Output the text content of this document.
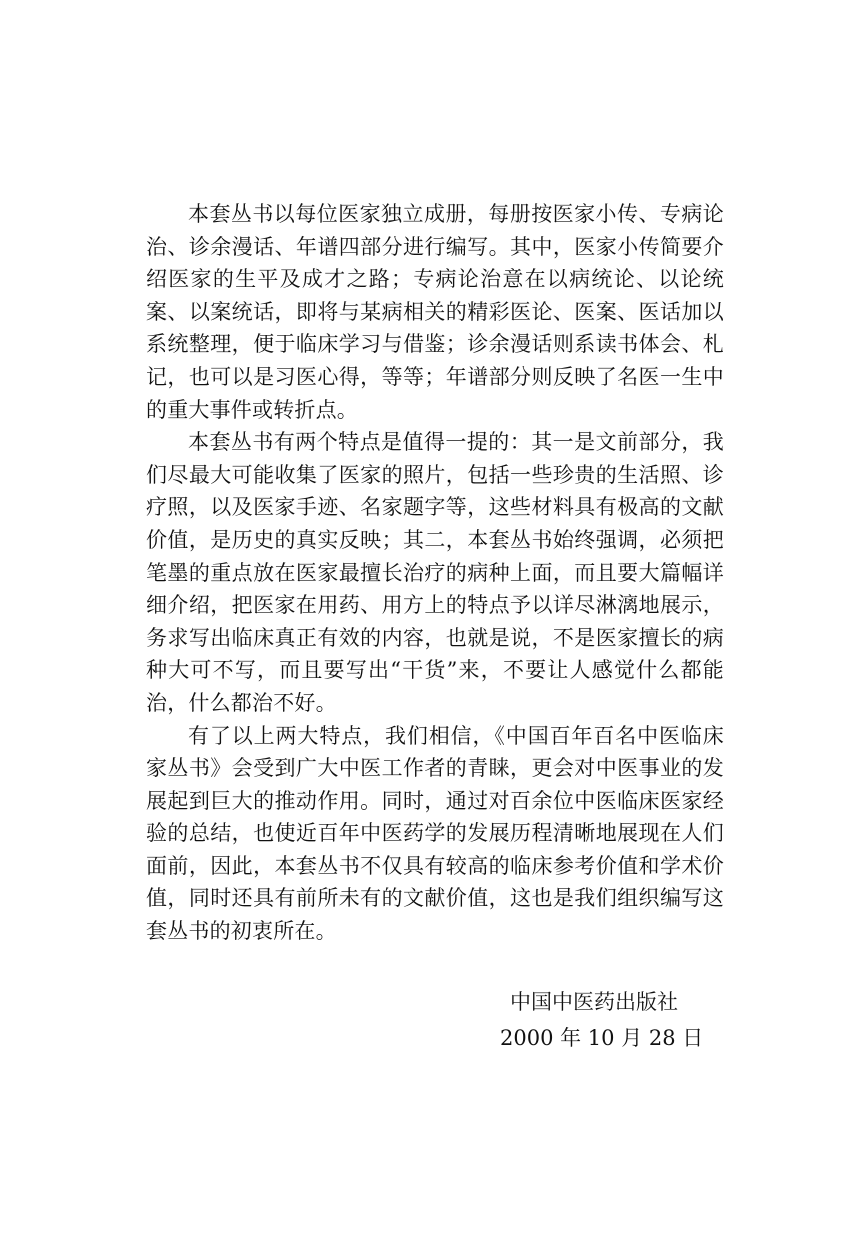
本套丛书以每位医家独立成册，每册按医家小传、专病论治、诊余漫话、年谱四部分进行编写。其中，医家小传简要介绍医家的生平及成才之路；专病论治意在以病统论、以论统案、以案统话，即将与某病相关的精彩医论、医案、医话加以系统整理，便于临床学习与借鉴；诊余漫话则系读书体会、札记，也可以是习医心得，等等；年谱部分则反映了名医一生中的重大事件或转折点。

本套丛书有两个特点是值得一提的：其一是文前部分，我们尽最大可能收集了医家的照片，包括一些珍贵的生活照、诊疗照，以及医家手迹、名家题字等，这些材料具有极高的文献价值，是历史的真实反映；其二，本套丛书始终强调，必须把笔墨的重点放在医家最擅长治疗的病种上面，而且要大篇幅详细介绍，把医家在用药、用方上的特点予以详尽淋漓地展示，务求写出临床真正有效的内容，也就是说，不是医家擅长的病种大可不写，而且要写出“干货”来，不要让人感觉什么都能治，什么都治不好。

有了以上两大特点，我们相信，《中国百年百名中医临床家丛书》会受到广大中医工作者的青睐，更会对中医事业的发展起到巨大的推动作用。同时，通过对百余位中医临床医家经验的总结，也使近百年中医药学的发展历程清晰地展现在人们面前，因此，本套丛书不仅具有较高的临床参考价值和学术价值，同时还具有前所未有的文献价值，这也是我们组织编写这套丛书的初衷所在。

中国中医药出版社
2000 年 10 月 28 日
